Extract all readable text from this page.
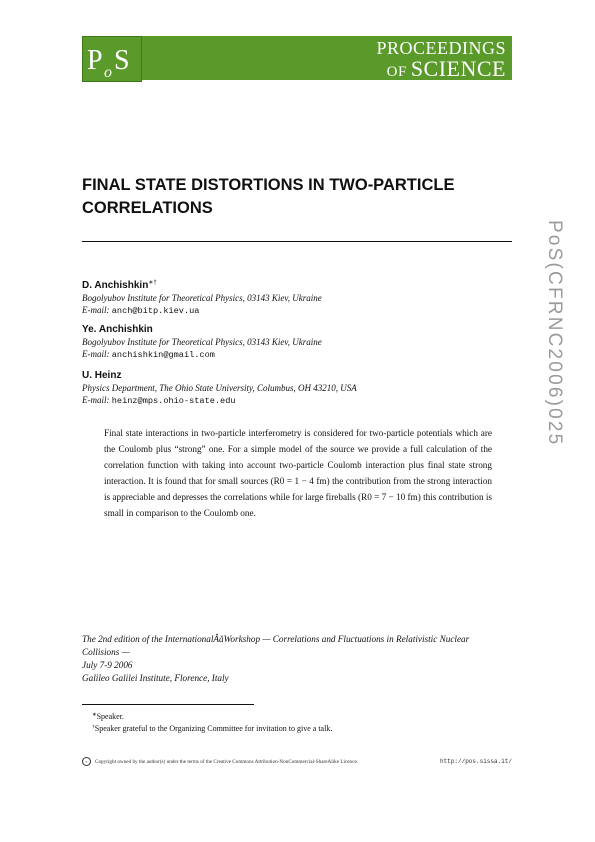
P o S	PROCEEDINGS
OF SCIENCE
FINAL STATE DISTORTIONS IN TWO-PARTICLE
CORRELATIONS
PoS(CFRNC2006)025
D. Anchishkin∗†
Bogolyubov Institute for Theoretical Physics, 03143 Kiev, Ukraine
E-mail: anch@bitp.kiev.ua
Ye. Anchishkin
Bogolyubov Institute for Theoretical Physics, 03143 Kiev, Ukraine
E-mail: anchishkin@gmail.com
U. Heinz
Physics Department, The Ohio State University, Columbus, OH 43210, USA
E-mail: heinz@mps.ohio-state.edu
Final state interactions in two-particle interferometry is considered for two-particle potentials which are the Coulomb plus “strong” one. For a simple model of the source we provide a full calculation of the correlation function with taking into account two-particle Coulomb interaction plus final state strong interaction. It is found that for small sources (R0 = 1 − 4 fm) the contribution from the strong interaction is appreciable and depresses the correlations while for large fireballs (R0 = 7 − 10 fm) this contribution is small in comparison to the Coulomb one.
The 2nd edition of the InternationalÂăWorkshop — Correlations and Fluctuations in Relativistic Nuclear
Collisions —
July 7-9 2006
Galileo Galilei Institute, Florence, Italy
∗Speaker.
†Speaker grateful to the Organizing Committee for invitation to give a talk.
c Copyright owned by the author(s) under the terms of the Creative Commons Attribution-NonCommercial-ShareAlike Licence.	http://pos.sissa.it/
